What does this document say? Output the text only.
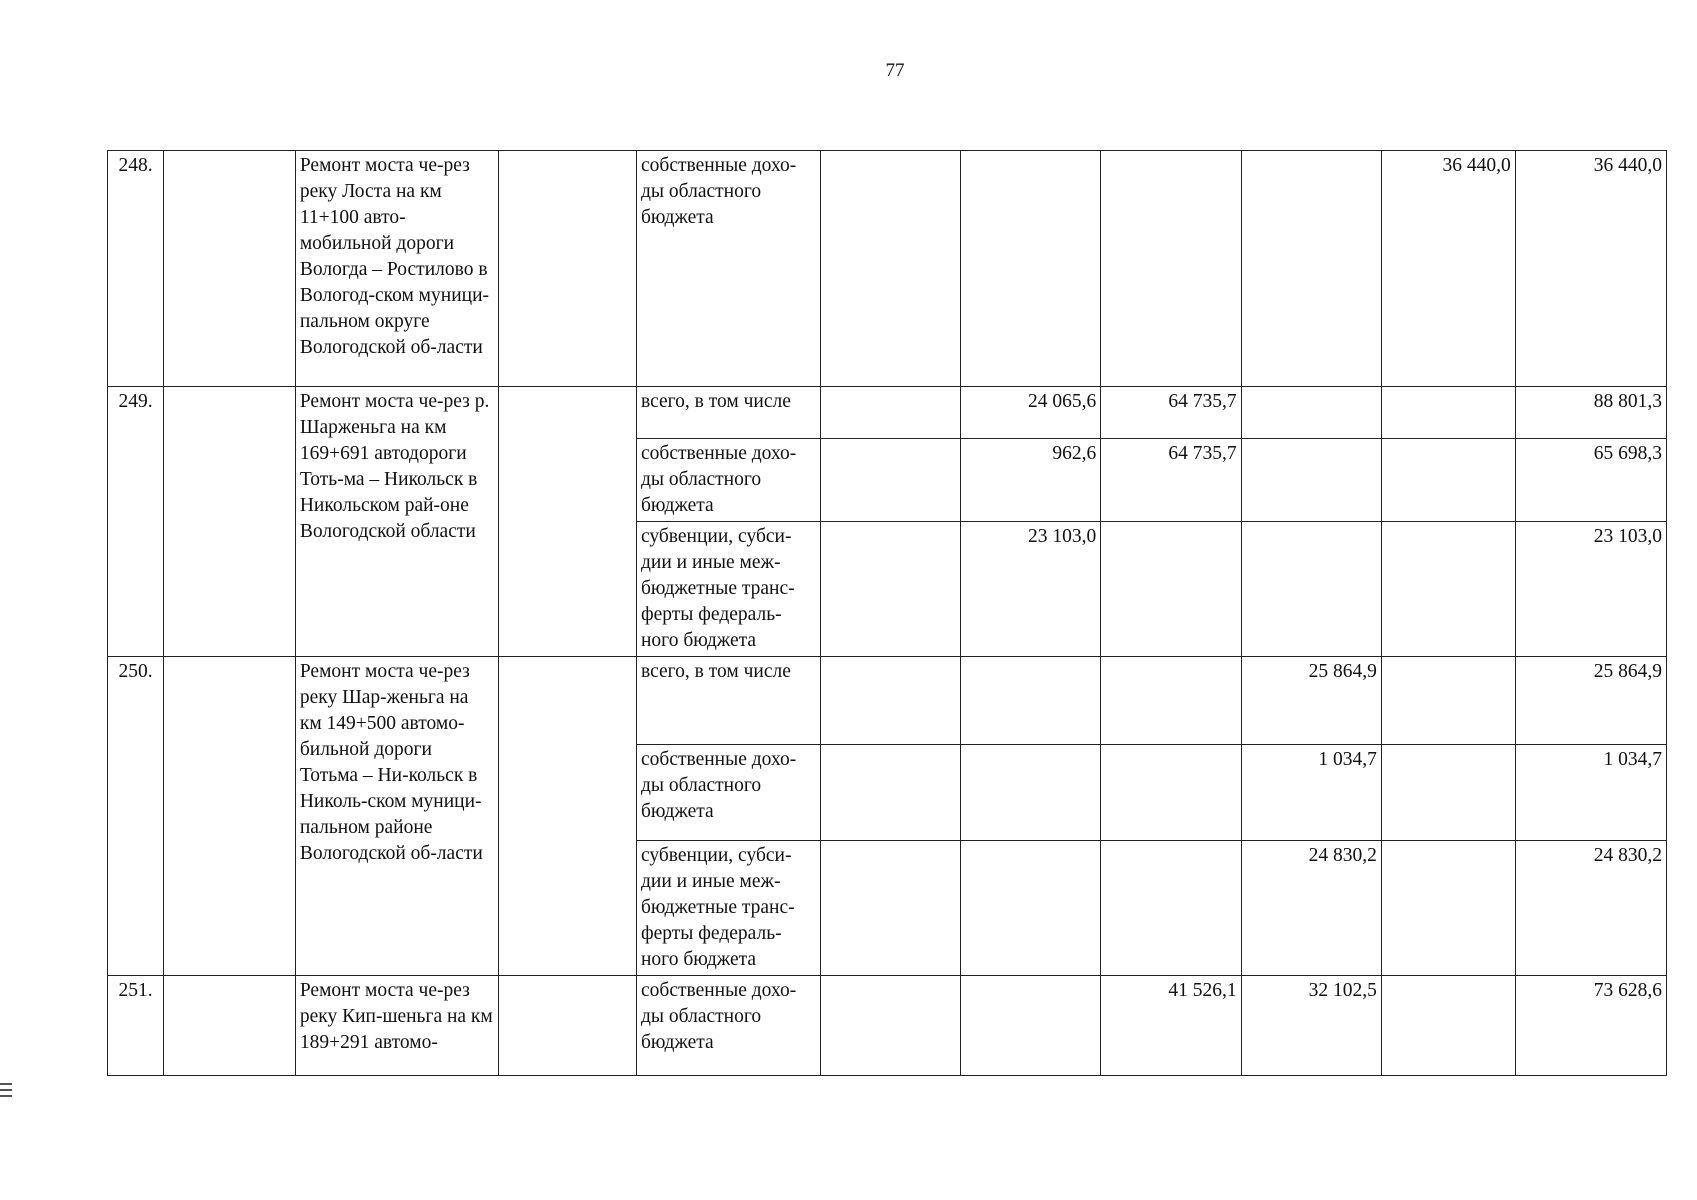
77
248.		Ремонт моста че-рез реку Лоста на км 11+100 авто-мобильной дороги Вологда – Ростилово в Вологод-ском муници-пальном округе Вологодской об-ласти		собственные дохо-ды областного бюджета					36 440,0	36 440,0
249.		Ремонт моста че-рез р. Шарженьга на км 169+691 автодороги Тоть-ма – Никольск в Никольском рай-оне Вологодской области		всего, в том числе		24 065,6	64 735,7			88 801,3
				собственные дохо-ды областного бюджета		962,6	64 735,7			65 698,3
				субвенции, субси-дии и иные меж-бюджетные транс-ферты федераль-ного бюджета		23 103,0				23 103,0
250.		Ремонт моста че-рез реку Шар-женьга на км 149+500 автомо-бильной дороги Тотьма – Ни-кольск в Николь-ском муници-пальном районе Вологодской об-ласти		всего, в том числе				25 864,9		25 864,9
				собственные дохо-ды областного бюджета				1 034,7		1 034,7
				субвенции, субси-дии и иные меж-бюджетные транс-ферты федераль-ного бюджета				24 830,2		24 830,2
251.		Ремонт моста че-рез реку Кип-шеньга на км 189+291 автомо-		собственные дохо-ды областного бюджета			41 526,1	32 102,5		73 628,6
